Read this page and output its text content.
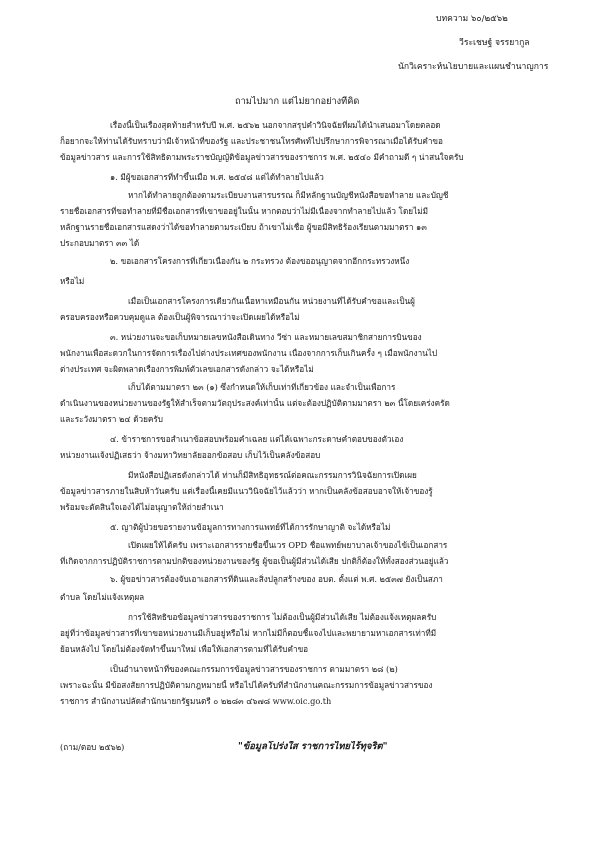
บทความ ๖๐/๒๕๖๒
วีระเชษฐ์ จรรยากูล
นักวิเคราะห์นโยบายและแผนชำนาญการ
ถามไปมาก แต่ไม่ยากอย่างที่คิด
เรื่องนี้เป็นเรื่องสุดท้ายสำหรับปี พ.ศ. ๒๕๖๒ นอกจากสรุปคำวินิจฉัยที่ผมได้นำเสนอมาโดยตลอด
ก็อยากจะให้ท่านได้รับทราบว่ามีเจ้าหน้าที่ของรัฐ และประชาชนโทรศัพท์ไปปรึกษาการพิจารณาเมื่อได้รับคำขอ
ข้อมูลข่าวสาร และการใช้สิทธิตามพระราชบัญญัติข้อมูลข่าวสารของราชการ พ.ศ. ๒๕๔๐ มีคำถามดี ๆ น่าสนใจครับ
๑. มีผู้ขอเอกสารที่ทำขึ้นเมื่อ พ.ศ. ๒๕๔๘ แต่ได้ทำลายไปแล้ว
หากได้ทำลายถูกต้องตามระเบียบงานสารบรรณ ก็มีหลักฐานบัญชีหนังสือขอทำลาย และบัญชี
รายชื่อเอกสารที่ขอทำลายที่มีชื่อเอกสารที่เขาขออยู่ในนั้น หากตอบว่าไม่มีเนื่องจากทำลายไปแล้ว โดยไม่มี
หลักฐานรายชื่อเอกสารแสดงว่าได้ขอทำลายตามระเบียบ ถ้าเขาไม่เชื่อ ผู้ขอมีสิทธิร้องเรียนตามมาตรา ๑๓
ประกอบมาตรา ๓๓ ได้
๒. ขอเอกสารโครงการที่เกี่ยวเนื่องกัน ๒ กระทรวง ต้องขออนุญาตจากอีกกระทรวงหนึ่ง
หรือไม่
เมื่อเป็นเอกสารโครงการเดียวกันเนื้อหาเหมือนกัน หน่วยงานที่ได้รับคำขอและเป็นผู้
ครอบครองหรือควบคุมดูแล ต้องเป็นผู้พิจารณาว่าจะเปิดเผยได้หรือไม่
๓. หน่วยงานจะขอเก็บหมายเลขหนังสือเดินทาง วีซ่า และหมายเลขสมาชิกสายการบินของ
พนักงานเพื่อสะดวกในการจัดการเรื่องไปต่างประเทศของพนักงาน เนื่องจากการเก็บเกินครั้ง ๆ เมื่อพนักงานไป
ต่างประเทศ จะผิดพลาดเรื่องการพิมพ์ตัวเลขเอกสารดังกล่าว จะได้หรือไม่
เก็บได้ตามมาตรา ๒๓ (๑) ซึ่งกำหนดให้เก็บเท่าที่เกี่ยวข้อง และจำเป็นเพื่อการ
ดำเนินงานของหน่วยงานของรัฐให้สำเร็จตามวัตถุประสงค์เท่านั้น แต่จะต้องปฏิบัติตามมาตรา ๒๓ นี้โดยเคร่งครัด
และระวังมาตรา ๒๔ ด้วยครับ
๔. ข้าราชการขอสำเนาข้อสอบพร้อมคำเฉลย แต่ได้เฉพาะกระดาษคำตอบของตัวเอง
หน่วยงานแจ้งปฏิเสธว่า จ้างมหาวิทยาลัยออกข้อสอบ เก็บไว้เป็นคลังข้อสอบ
มีหนังสือปฏิเสธดังกล่าวได้ ท่านก็มีสิทธิอุทธรณ์ต่อคณะกรรมการวินิจฉัยการเปิดเผย
ข้อมูลข่าวสารภายในสิบห้าวันครับ แต่เรื่องนี้เคยมีแนววินิจฉัยไว้แล้วว่า หากเป็นคลังข้อสอบอาจให้เจ้าของรู้
พร้อมจะตัดสินใจเองได้ไม่อนุญาตให้ถ่ายสำเนา
๕. ญาติผู้ป่วยขอรายงานข้อมูลการทางการแพทย์ที่ได้การรักษาญาติ จะได้หรือไม่
เปิดเผยให้ได้ครับ เพราะเอกสารรายชื่อขึ้นเวร OPD ชื่อแพทย์พยาบาลเจ้าของไข้เป็นเอกสาร
ที่เกิดจากการปฏิบัติราชการตามปกติของหน่วยงานของรัฐ ผู้ขอเป็นผู้มีส่วนได้เสีย ปกติก็ต้องให้ทั้งสองส่วนอยู่แล้ว
๖. ผู้ขอข่าวสารต้องจับเอาเอกสารที่ดินและสิ่งปลูกสร้างของ อบต. ตั้งแต่ พ.ศ. ๒๕๓๗ ยังเป็นสภา
ตำบล โดยไม่แจ้งเหตุผล
การใช้สิทธิขอข้อมูลข่าวสารของราชการ ไม่ต้องเป็นผู้มีส่วนได้เสีย ไม่ต้องแจ้งเหตุผลครับ
อยู่ที่ว่าข้อมูลข่าวสารที่เขาขอหน่วยงานมีเก็บอยู่หรือไม่ หากไม่มีก็ตอบชี้แจงไปและพยายามหาเอกสารเท่าที่มี
ย้อนหลังไป โดยไม่ต้องจัดทำขึ้นมาใหม่ เพื่อให้เอกสารตามที่ได้รับคำขอ
เป็นอำนาจหน้าที่ของคณะกรรมการข้อมูลข่าวสารของราชการ ตามมาตรา ๒๘ (๒)
เพราะฉะนั้น มีข้อสงสัยการปฏิบัติตามกฎหมายนี้ หรือไปได้ครับที่สำนักงานคณะกรรมการข้อมูลข่าวสารของ
ราชการ สำนักงานปลัดสำนักนายกรัฐมนตรี ๐ ๒๒๘๓ ๔๖๗๘ www.oic.go.th
(ถาม/ตอบ ๒๕๖๒)	"ข้อมูลโปร่งใส ราชการไทยไร้ทุจริต"
